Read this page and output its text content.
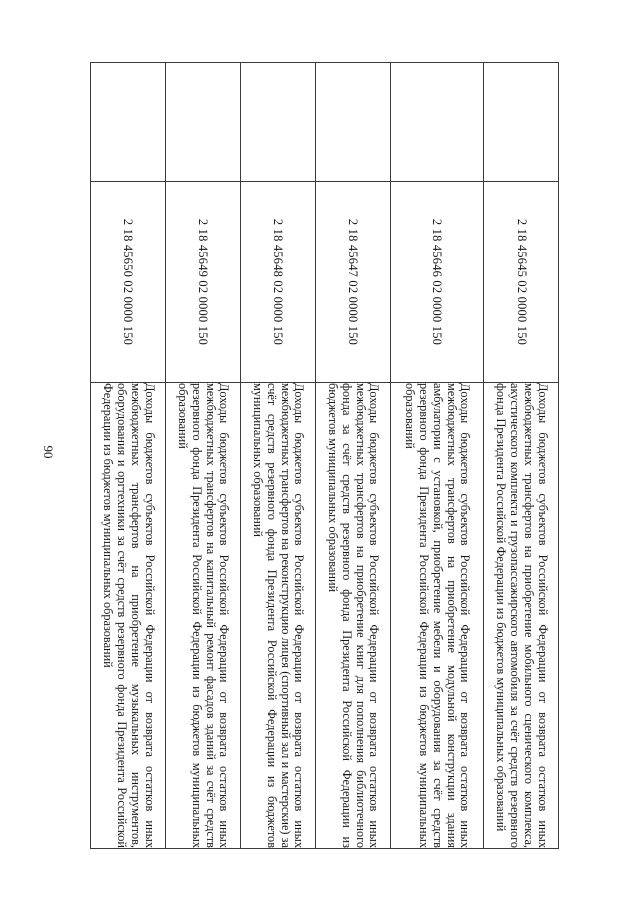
90
	2 18 45645 02 0000 150	Доходы бюджетов субъектов Российской Федерации от возврата остатков иных межбюджетных трансфертов на приобретение мобильного сценического комплекса, акустического комплекта и грузопассажирского автомобиля за счёт средств резервного фонда Президента Российской Федерации из бюджетов муниципальных образований
	2 18 45646 02 0000 150	Доходы бюджетов субъектов Российской Федерации от возврата остатков иных межбюджетных трансфертов на приобретение модульной конструкции здания амбулатории с установкой, приобретение мебели и оборудования за счёт средств резервного фонда Президента Российской Федерации из бюджетов муниципальных образований
	2 18 45647 02 0000 150	Доходы бюджетов субъектов Российской Федерации от возврата остатков иных межбюджетных трансфертов на приобретение книг для пополнения библиотечного фонда за счёт средств резервного фонда Президента Российской Федерации из бюджетов муниципальных образований
	2 18 45648 02 0000 150	Доходы бюджетов субъектов Российской Федерации от возврата остатков иных межбюджетных трансфертов на реконструкцию лицея (спортивный зал и мастерские) за счёт средств резервного фонда Президента Российской Федерации из бюджетов муниципальных образований
	2 18 45649 02 0000 150	Доходы бюджетов субъектов Российской Федерации от возврата остатков иных межбюджетных трансфертов на капитальный ремонт фасадов зданий за счёт средств резервного фонда Президента Российской Федерации из бюджетов муниципальных образований
	2 18 45650 02 0000 150	Доходы бюджетов субъектов Российской Федерации от возврата остатков иных межбюджетных трансфертов на приобретение музыкальных инструментов, оборудования и оргтехники за счёт средств резервного фонда Президента Российской Федерации из бюджетов муниципальных образований
